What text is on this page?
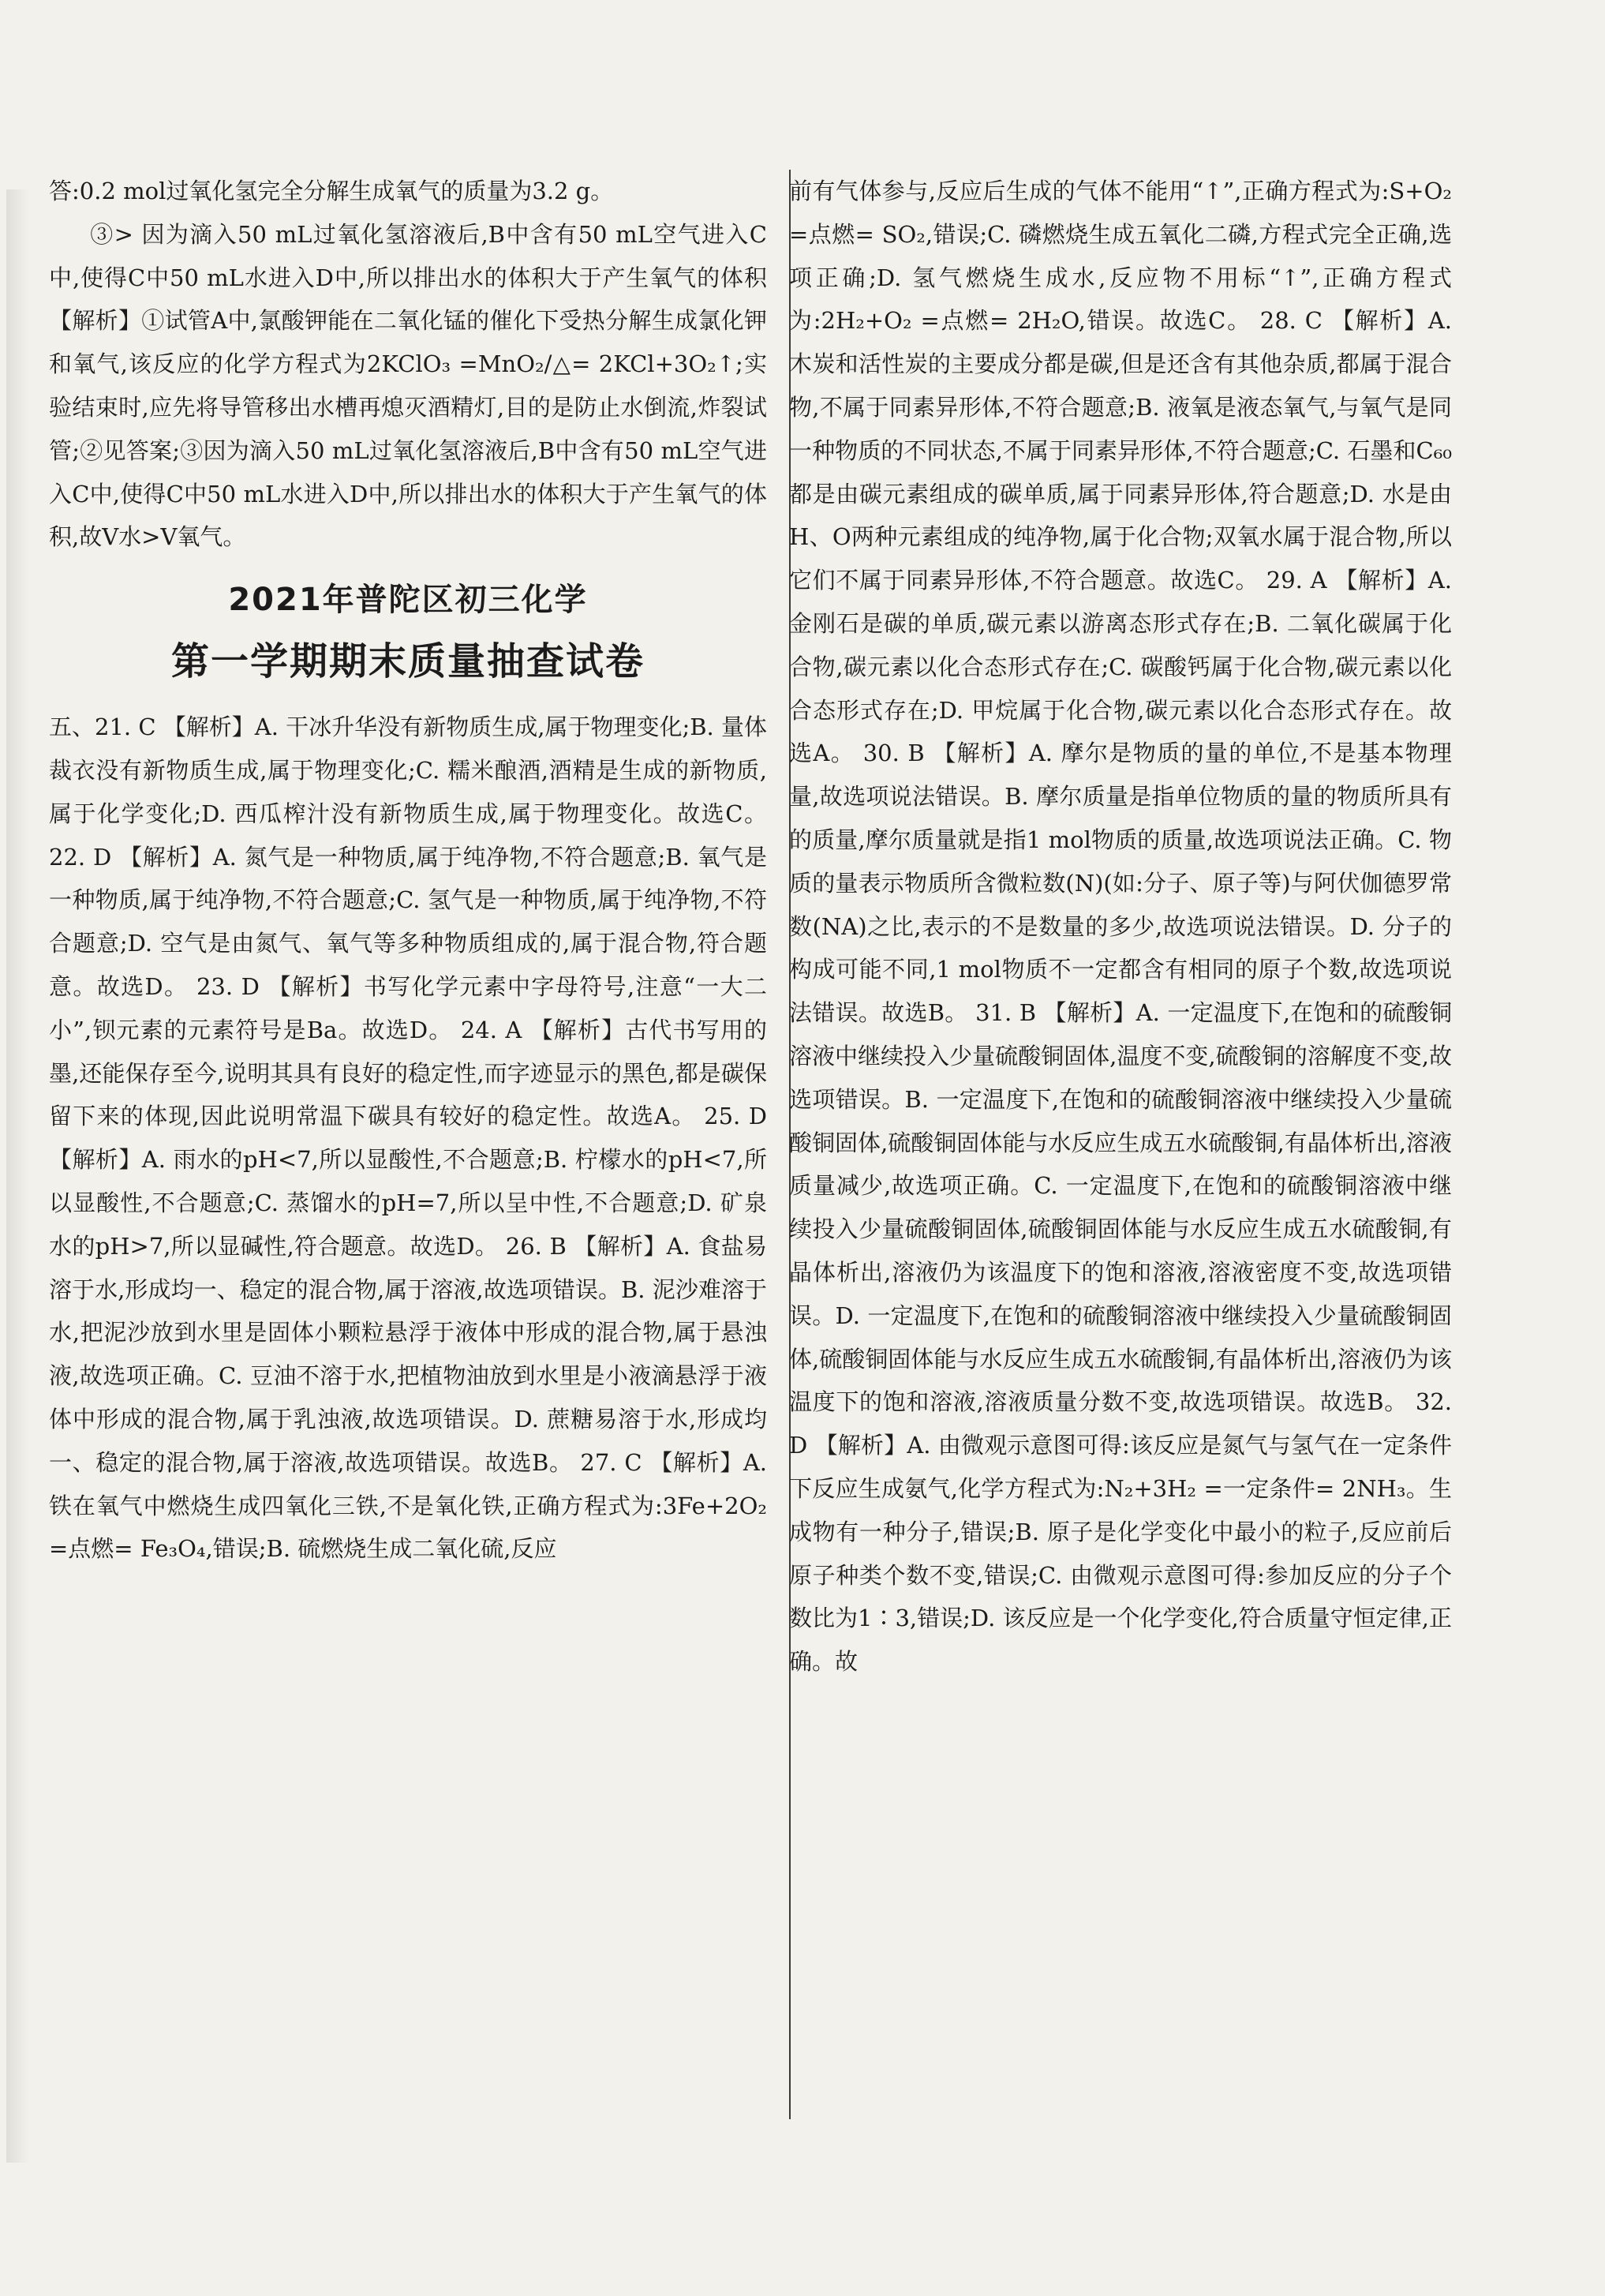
答:0.2 mol过氧化氢完全分解生成氧气的质量为3.2 g。

③> 因为滴入50 mL过氧化氢溶液后,B中含有50 mL空气进入C中,使得C中50 mL水进入D中,所以排出水的体积大于产生氧气的体积 【解析】①试管A中,氯酸钾能在二氧化锰的催化下受热分解生成氯化钾和氧气,该反应的化学方程式为2KClO₃ =MnO₂/△= 2KCl+3O₂↑;实验结束时,应先将导管移出水槽再熄灭酒精灯,目的是防止水倒流,炸裂试管;②见答案;③因为滴入50 mL过氧化氢溶液后,B中含有50 mL空气进入C中,使得C中50 mL水进入D中,所以排出水的体积大于产生氧气的体积,故V水>V氧气。

2021年普陀区初三化学
第一学期期末质量抽查试卷

五、21. C 【解析】A. 干冰升华没有新物质生成,属于物理变化;B. 量体裁衣没有新物质生成,属于物理变化;C. 糯米酿酒,酒精是生成的新物质,属于化学变化;D. 西瓜榨汁没有新物质生成,属于物理变化。故选C。 22. D 【解析】A. 氮气是一种物质,属于纯净物,不符合题意;B. 氧气是一种物质,属于纯净物,不符合题意;C. 氢气是一种物质,属于纯净物,不符合题意;D. 空气是由氮气、氧气等多种物质组成的,属于混合物,符合题意。故选D。 23. D 【解析】书写化学元素中字母符号,注意“一大二小”,钡元素的元素符号是Ba。故选D。 24. A 【解析】古代书写用的墨,还能保存至今,说明其具有良好的稳定性,而字迹显示的黑色,都是碳保留下来的体现,因此说明常温下碳具有较好的稳定性。故选A。 25. D 【解析】A. 雨水的pH<7,所以显酸性,不合题意;B. 柠檬水的pH<7,所以显酸性,不合题意;C. 蒸馏水的pH=7,所以呈中性,不合题意;D. 矿泉水的pH>7,所以显碱性,符合题意。故选D。 26. B 【解析】A. 食盐易溶于水,形成均一、稳定的混合物,属于溶液,故选项错误。B. 泥沙难溶于水,把泥沙放到水里是固体小颗粒悬浮于液体中形成的混合物,属于悬浊液,故选项正确。C. 豆油不溶于水,把植物油放到水里是小液滴悬浮于液体中形成的混合物,属于乳浊液,故选项错误。D. 蔗糖易溶于水,形成均一、稳定的混合物,属于溶液,故选项错误。故选B。 27. C 【解析】A. 铁在氧气中燃烧生成四氧化三铁,不是氧化铁,正确方程式为:3Fe+2O₂ =点燃= Fe₃O₄,错误;B. 硫燃烧生成二氧化硫,反应

前有气体参与,反应后生成的气体不能用“↑”,正确方程式为:S+O₂ =点燃= SO₂,错误;C. 磷燃烧生成五氧化二磷,方程式完全正确,选项正确;D. 氢气燃烧生成水,反应物不用标“↑”,正确方程式为:2H₂+O₂ =点燃= 2H₂O,错误。故选C。 28. C 【解析】A. 木炭和活性炭的主要成分都是碳,但是还含有其他杂质,都属于混合物,不属于同素异形体,不符合题意;B. 液氧是液态氧气,与氧气是同一种物质的不同状态,不属于同素异形体,不符合题意;C. 石墨和C₆₀都是由碳元素组成的碳单质,属于同素异形体,符合题意;D. 水是由H、O两种元素组成的纯净物,属于化合物;双氧水属于混合物,所以它们不属于同素异形体,不符合题意。故选C。 29. A 【解析】A. 金刚石是碳的单质,碳元素以游离态形式存在;B. 二氧化碳属于化合物,碳元素以化合态形式存在;C. 碳酸钙属于化合物,碳元素以化合态形式存在;D. 甲烷属于化合物,碳元素以化合态形式存在。故选A。 30. B 【解析】A. 摩尔是物质的量的单位,不是基本物理量,故选项说法错误。B. 摩尔质量是指单位物质的量的物质所具有的质量,摩尔质量就是指1 mol物质的质量,故选项说法正确。C. 物质的量表示物质所含微粒数(N)(如:分子、原子等)与阿伏伽德罗常数(NA)之比,表示的不是数量的多少,故选项说法错误。D. 分子的构成可能不同,1 mol物质不一定都含有相同的原子个数,故选项说法错误。故选B。 31. B 【解析】A. 一定温度下,在饱和的硫酸铜溶液中继续投入少量硫酸铜固体,温度不变,硫酸铜的溶解度不变,故选项错误。B. 一定温度下,在饱和的硫酸铜溶液中继续投入少量硫酸铜固体,硫酸铜固体能与水反应生成五水硫酸铜,有晶体析出,溶液质量减少,故选项正确。C. 一定温度下,在饱和的硫酸铜溶液中继续投入少量硫酸铜固体,硫酸铜固体能与水反应生成五水硫酸铜,有晶体析出,溶液仍为该温度下的饱和溶液,溶液密度不变,故选项错误。D. 一定温度下,在饱和的硫酸铜溶液中继续投入少量硫酸铜固体,硫酸铜固体能与水反应生成五水硫酸铜,有晶体析出,溶液仍为该温度下的饱和溶液,溶液质量分数不变,故选项错误。故选B。 32. D 【解析】A. 由微观示意图可得:该反应是氮气与氢气在一定条件下反应生成氨气,化学方程式为:N₂+3H₂ =一定条件= 2NH₃。生成物有一种分子,错误;B. 原子是化学变化中最小的粒子,反应前后原子种类个数不变,错误;C. 由微观示意图可得:参加反应的分子个数比为1∶3,错误;D. 该反应是一个化学变化,符合质量守恒定律,正确。故
